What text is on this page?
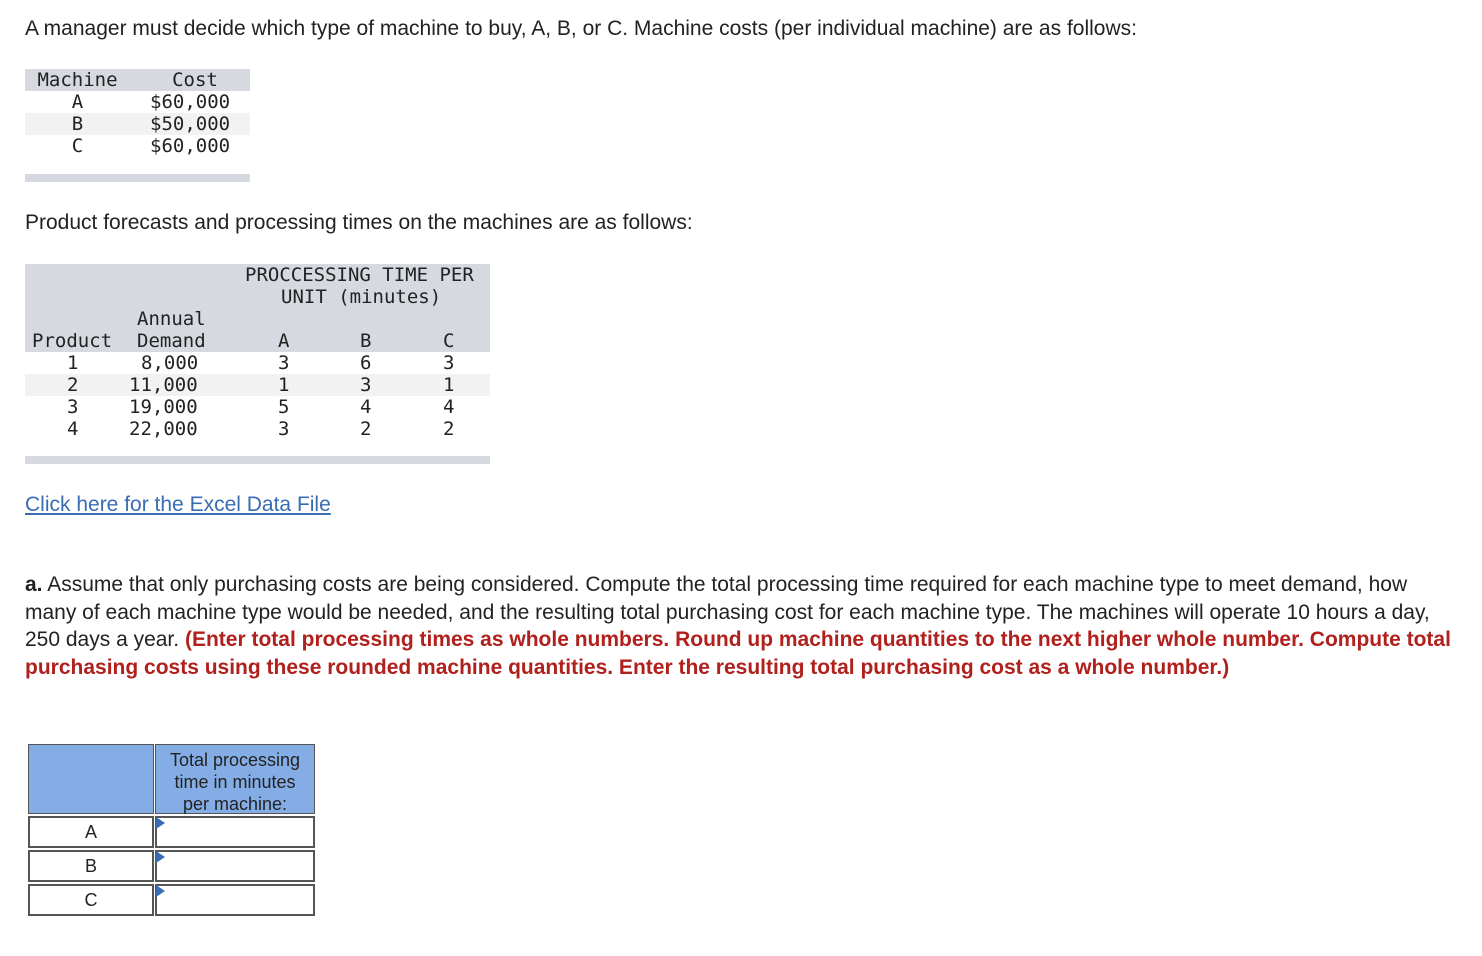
A manager must decide which type of machine to buy, A, B, or C. Machine costs (per individual machine) are as follows:
Machine	Cost
A	$60,000
B	$50,000
C	$60,000
Product forecasts and processing times on the machines are as follows:
PROCCESSING TIME PER
UNIT (minutes)
Annual
Product Demand	A	B	C
1	8,000	3	6	3
2	11,000	1	3	1
3	19,000	5	4	4
4	22,000	3	2	2
Click here for the Excel Data File
a. Assume that only purchasing costs are being considered. Compute the total processing time required for each machine type to meet demand, how many of each machine type would be needed, and the resulting total purchasing cost for each machine type. The machines will operate 10 hours a day, 250 days a year. (Enter total processing times as whole numbers. Round up machine quantities to the next higher whole number. Compute total purchasing costs using these rounded machine quantities. Enter the resulting total purchasing cost as a whole number.)
Total processing
time in minutes
per machine:
A
B
C
